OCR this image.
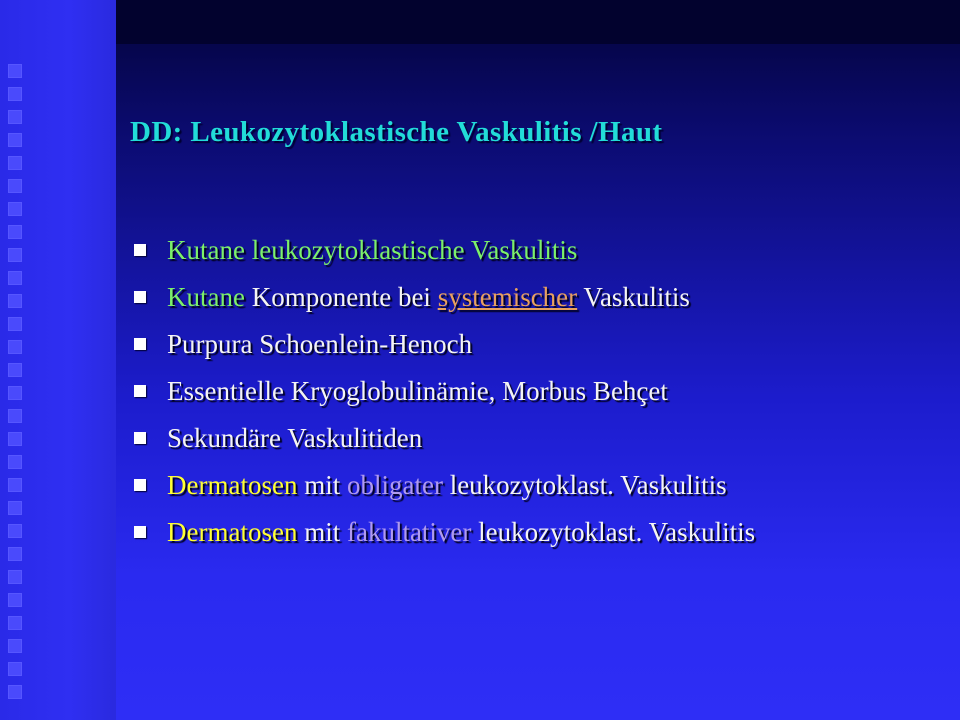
DD: Leukozytoklastische Vaskulitis /Haut
Kutane leukozytoklastische Vaskulitis
Kutane Komponente bei systemischer Vaskulitis
Purpura Schoenlein-Henoch
Essentielle Kryoglobulinämie, Morbus Behçet
Sekundäre Vaskulitiden
Dermatosen mit obligater leukozytoklast. Vaskulitis
Dermatosen mit fakultativer leukozytoklast. Vaskulitis
